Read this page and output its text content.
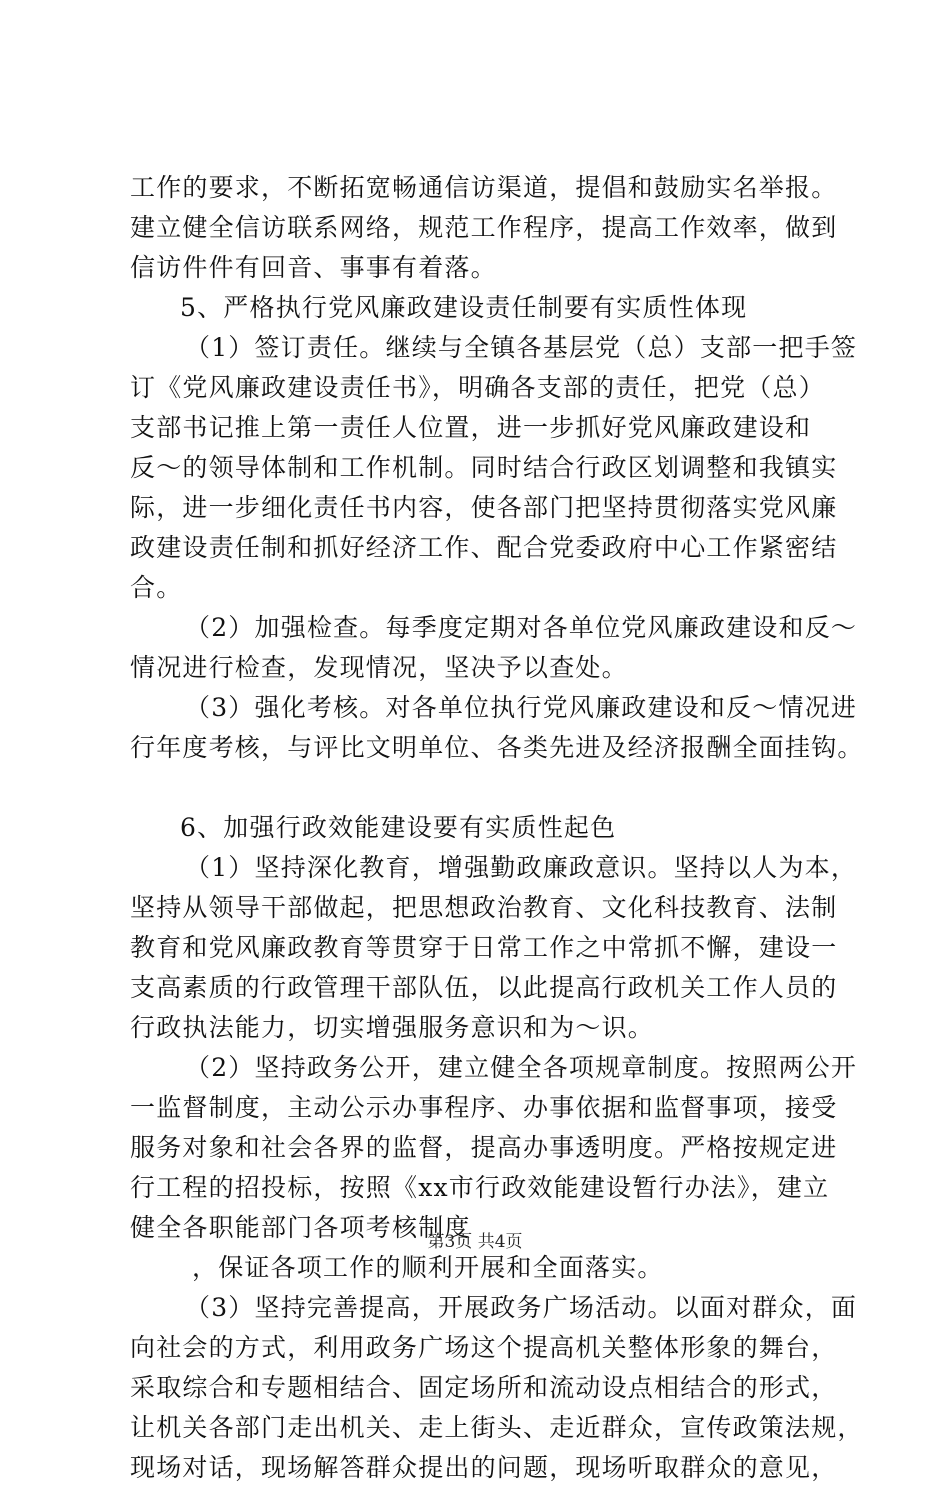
工作的要求，不断拓宽畅通信访渠道，提倡和鼓励实名举报。
建立健全信访联系网络，规范工作程序，提高工作效率，做到
信访件件有回音、事事有着落。
5、严格执行党风廉政建设责任制要有实质性体现
（1）签订责任。继续与全镇各基层党（总）支部一把手签
订《党风廉政建设责任书》，明确各支部的责任，把党（总）
支部书记推上第一责任人位置，进一步抓好党风廉政建设和
反～的领导体制和工作机制。同时结合行政区划调整和我镇实
际，进一步细化责任书内容，使各部门把坚持贯彻落实党风廉
政建设责任制和抓好经济工作、配合党委政府中心工作紧密结
合。
（2）加强检查。每季度定期对各单位党风廉政建设和反～
情况进行检查，发现情况，坚决予以查处。
（3）强化考核。对各单位执行党风廉政建设和反～情况进
行年度考核，与评比文明单位、各类先进及经济报酬全面挂钩。
6、加强行政效能建设要有实质性起色
（1）坚持深化教育，增强勤政廉政意识。坚持以人为本，
坚持从领导干部做起，把思想政治教育、文化科技教育、法制
教育和党风廉政教育等贯穿于日常工作之中常抓不懈，建设一
支高素质的行政管理干部队伍，以此提高行政机关工作人员的
行政执法能力，切实增强服务意识和为～识。
（2）坚持政务公开，建立健全各项规章制度。按照两公开
一监督制度，主动公示办事程序、办事依据和监督事项，接受
服务对象和社会各界的监督，提高办事透明度。严格按规定进
行工程的招投标，按照《xx市行政效能建设暂行办法》，建立
健全各职能部门各项考核制度
，保证各项工作的顺利开展和全面落实。
（3）坚持完善提高，开展政务广场活动。以面对群众，面
向社会的方式，利用政务广场这个提高机关整体形象的舞台，
采取综合和专题相结合、固定场所和流动设点相结合的形式，
让机关各部门走出机关、走上街头、走近群众，宣传政策法规，
现场对话，现场解答群众提出的问题，现场听取群众的意见，
第3页 共4页
